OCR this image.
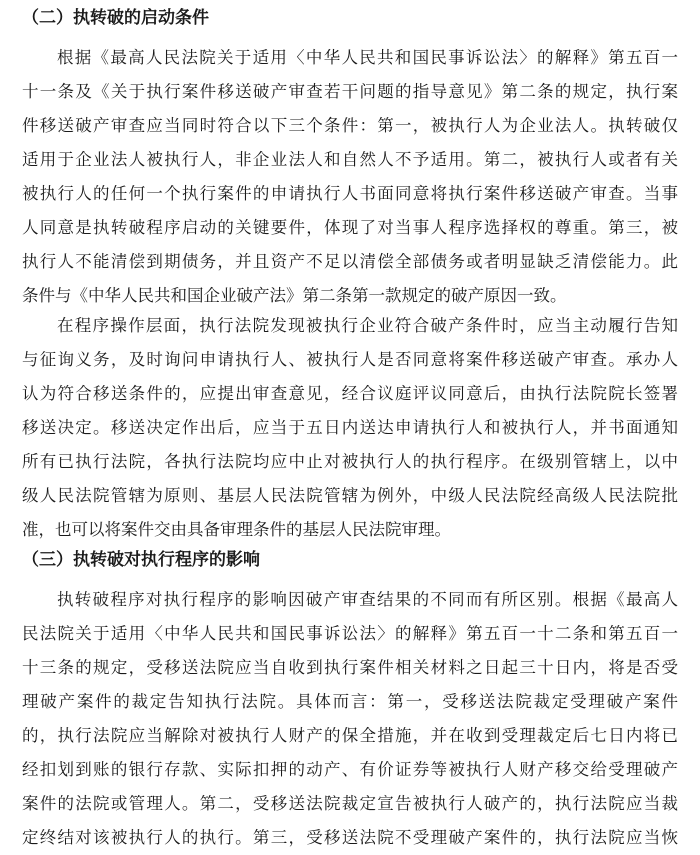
（二）执转破的启动条件
根据《最高人民法院关于适用〈中华人民共和国民事诉讼法〉的解释》第五百一
十一条及《关于执行案件移送破产审查若干问题的指导意见》第二条的规定，执行案
件移送破产审查应当同时符合以下三个条件：第一，被执行人为企业法人。执转破仅
适用于企业法人被执行人，非企业法人和自然人不予适用。第二，被执行人或者有关
被执行人的任何一个执行案件的申请执行人书面同意将执行案件移送破产审查。当事
人同意是执转破程序启动的关键要件，体现了对当事人程序选择权的尊重。第三，被
执行人不能清偿到期债务，并且资产不足以清偿全部债务或者明显缺乏清偿能力。此
条件与《中华人民共和国企业破产法》第二条第一款规定的破产原因一致。
在程序操作层面，执行法院发现被执行企业符合破产条件时，应当主动履行告知
与征询义务，及时询问申请执行人、被执行人是否同意将案件移送破产审查。承办人
认为符合移送条件的，应提出审查意见，经合议庭评议同意后，由执行法院院长签署
移送决定。移送决定作出后，应当于五日内送达申请执行人和被执行人，并书面通知
所有已执行法院，各执行法院均应中止对被执行人的执行程序。在级别管辖上，以中
级人民法院管辖为原则、基层人民法院管辖为例外，中级人民法院经高级人民法院批
准，也可以将案件交由具备审理条件的基层人民法院审理。
（三）执转破对执行程序的影响
执转破程序对执行程序的影响因破产审查结果的不同而有所区别。根据《最高人
民法院关于适用〈中华人民共和国民事诉讼法〉的解释》第五百一十二条和第五百一
十三条的规定，受移送法院应当自收到执行案件相关材料之日起三十日内，将是否受
理破产案件的裁定告知执行法院。具体而言：第一，受移送法院裁定受理破产案件
的，执行法院应当解除对被执行人财产的保全措施，并在收到受理裁定后七日内将已
经扣划到账的银行存款、实际扣押的动产、有价证券等被执行人财产移交给受理破产
案件的法院或管理人。第二，受移送法院裁定宣告被执行人破产的，执行法院应当裁
定终结对该被执行人的执行。第三，受移送法院不受理破产案件的，执行法院应当恢
